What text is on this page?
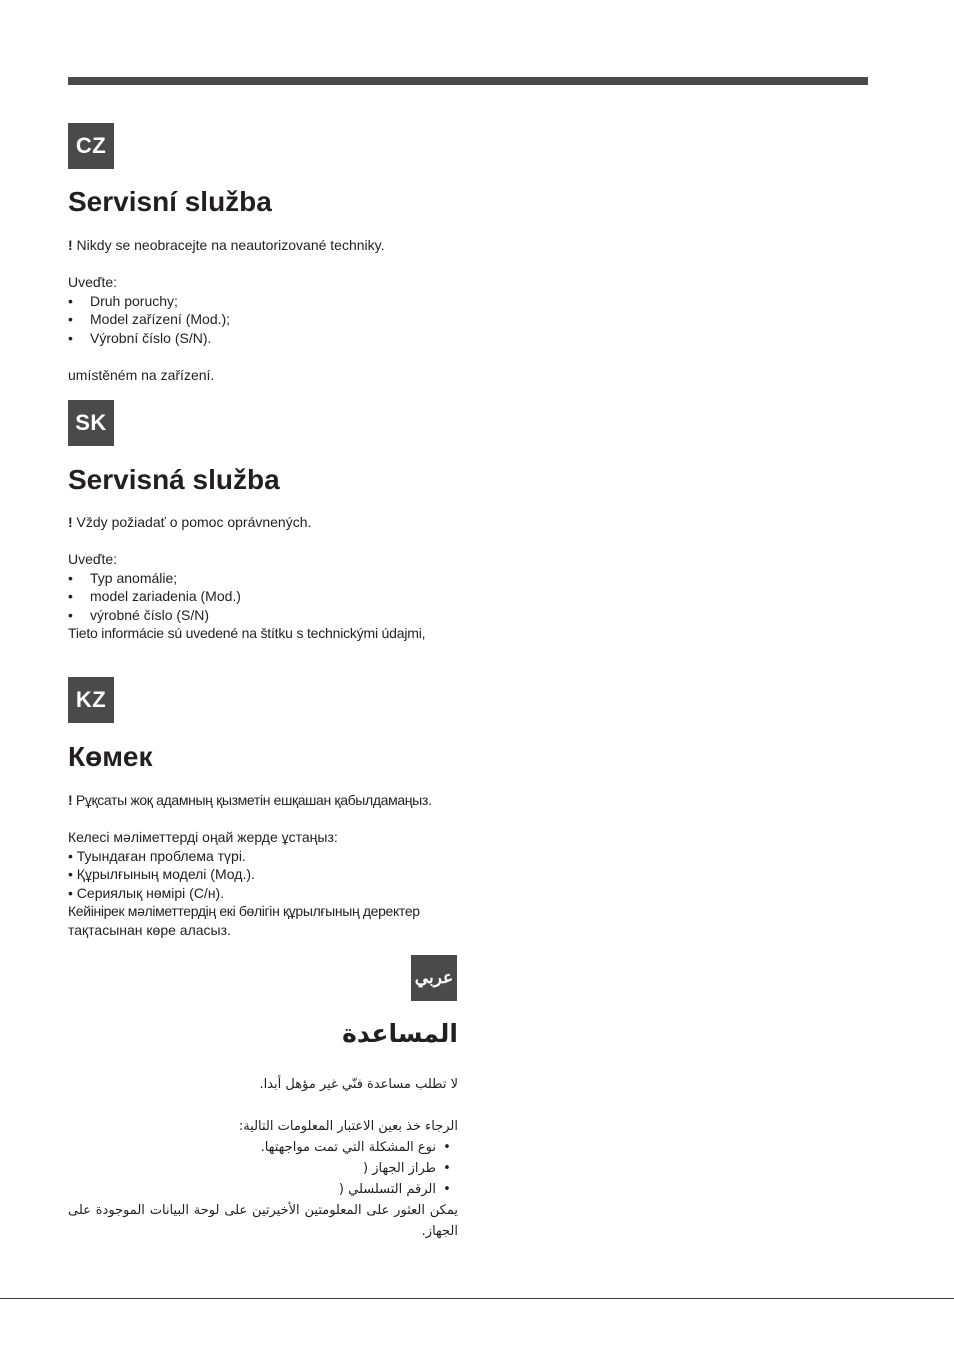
CZ
Servisní služba
! Nikdy se neobracejte na neautorizované techniky.
Uveďte:
•	Druh poruchy;
•	Model zařízení (Mod.);
•	Výrobní číslo (S/N).
umístěném na zařízení.
SK
Servisná služba
! Vždy požiadať o pomoc oprávnených.
Uveďte:
•	Typ anomálie;
•	model zariadenia (Mod.)
•	výrobné číslo (S/N)
Tieto informácie sú uvedené na štítku s technickými údajmi,
KZ
Көмек
! Рұқсаты жоқ адамның қызметін ешқашан қабылдамаңыз.
Келесі мәліметтерді оңай жерде ұстаңыз:
• Туындаған проблема түрі.
• Құрылғының моделі (Мод.).
• Сериялық нөмірі (С/н).
Кейінірек мәліметтердің екі бөлігін құрылғының деректер
тақтасынан көре аласыз.
عربي
المساعدة
لا تطلب مساعدة فنّي غير مؤهل أبدا.
الرجاء خذ بعين الاعتبار المعلومات التالية:
•
نوع المشكلة التي تمت مواجهتها.
•
طراز الجهاز (
•
الرقم التسلسلي (
يمكن العثور على المعلومتين الأخيرتين على لوحة البيانات الموجودة على الجهاز.
